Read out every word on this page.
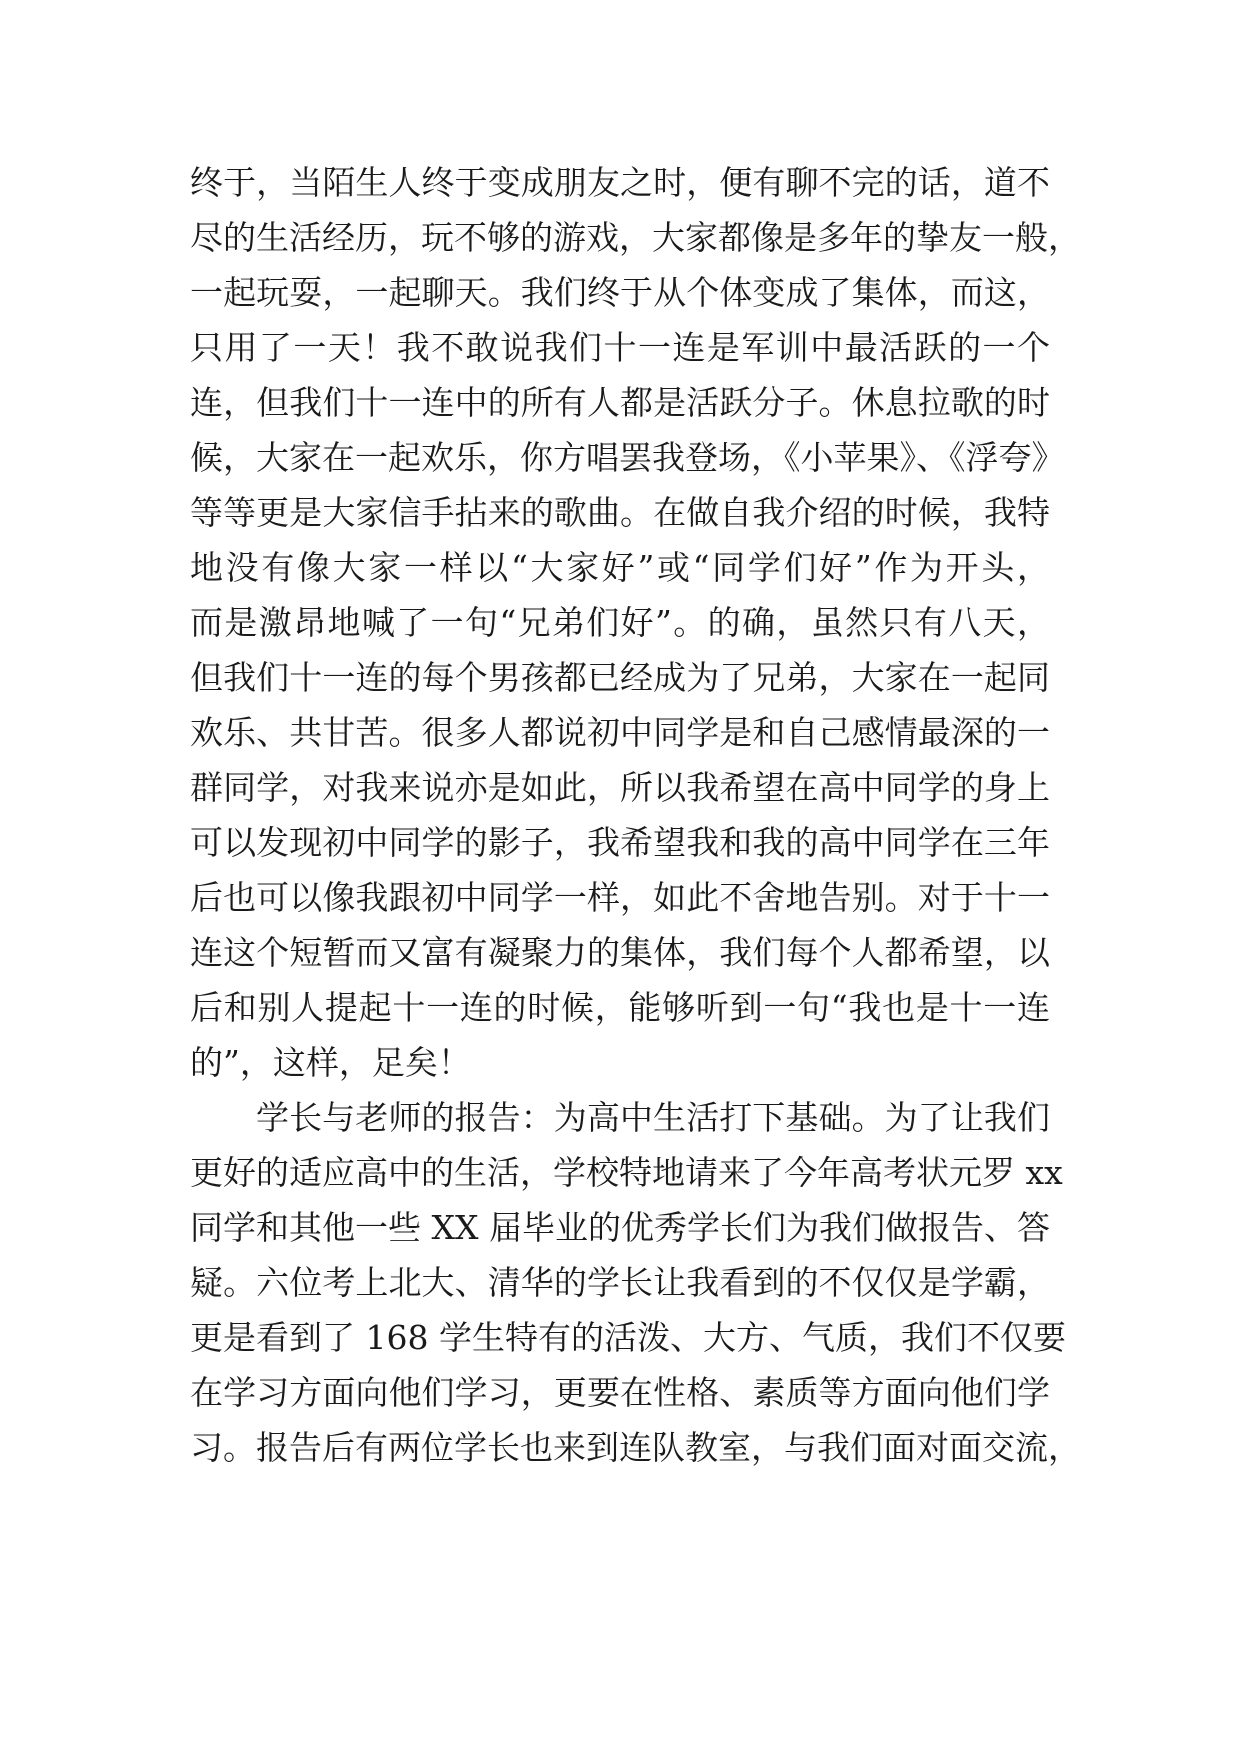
终于，当陌生人终于变成朋友之时，便有聊不完的话，道不
尽的生活经历，玩不够的游戏，大家都像是多年的挚友一般，
一起玩耍，一起聊天。我们终于从个体变成了集体，而这，
只用了一天！我不敢说我们十一连是军训中最活跃的一个
连，但我们十一连中的所有人都是活跃分子。休息拉歌的时
候，大家在一起欢乐，你方唱罢我登场，《小苹果》、《浮夸》
等等更是大家信手拈来的歌曲。在做自我介绍的时候，我特
地没有像大家一样以“大家好”或“同学们好”作为开头，
而是激昂地喊了一句“兄弟们好”。的确，虽然只有八天，
但我们十一连的每个男孩都已经成为了兄弟，大家在一起同
欢乐、共甘苦。很多人都说初中同学是和自己感情最深的一
群同学，对我来说亦是如此，所以我希望在高中同学的身上
可以发现初中同学的影子，我希望我和我的高中同学在三年
后也可以像我跟初中同学一样，如此不舍地告别。对于十一
连这个短暂而又富有凝聚力的集体，我们每个人都希望，以
后和别人提起十一连的时候，能够听到一句“我也是十一连
的”，这样，足矣！
学长与老师的报告：为高中生活打下基础。为了让我们
更好的适应高中的生活，学校特地请来了今年高考状元罗 xx
同学和其他一些 XX 届毕业的优秀学长们为我们做报告、答
疑。六位考上北大、清华的学长让我看到的不仅仅是学霸，
更是看到了 168 学生特有的活泼、大方、气质，我们不仅要
在学习方面向他们学习，更要在性格、素质等方面向他们学
习。报告后有两位学长也来到连队教室，与我们面对面交流，
